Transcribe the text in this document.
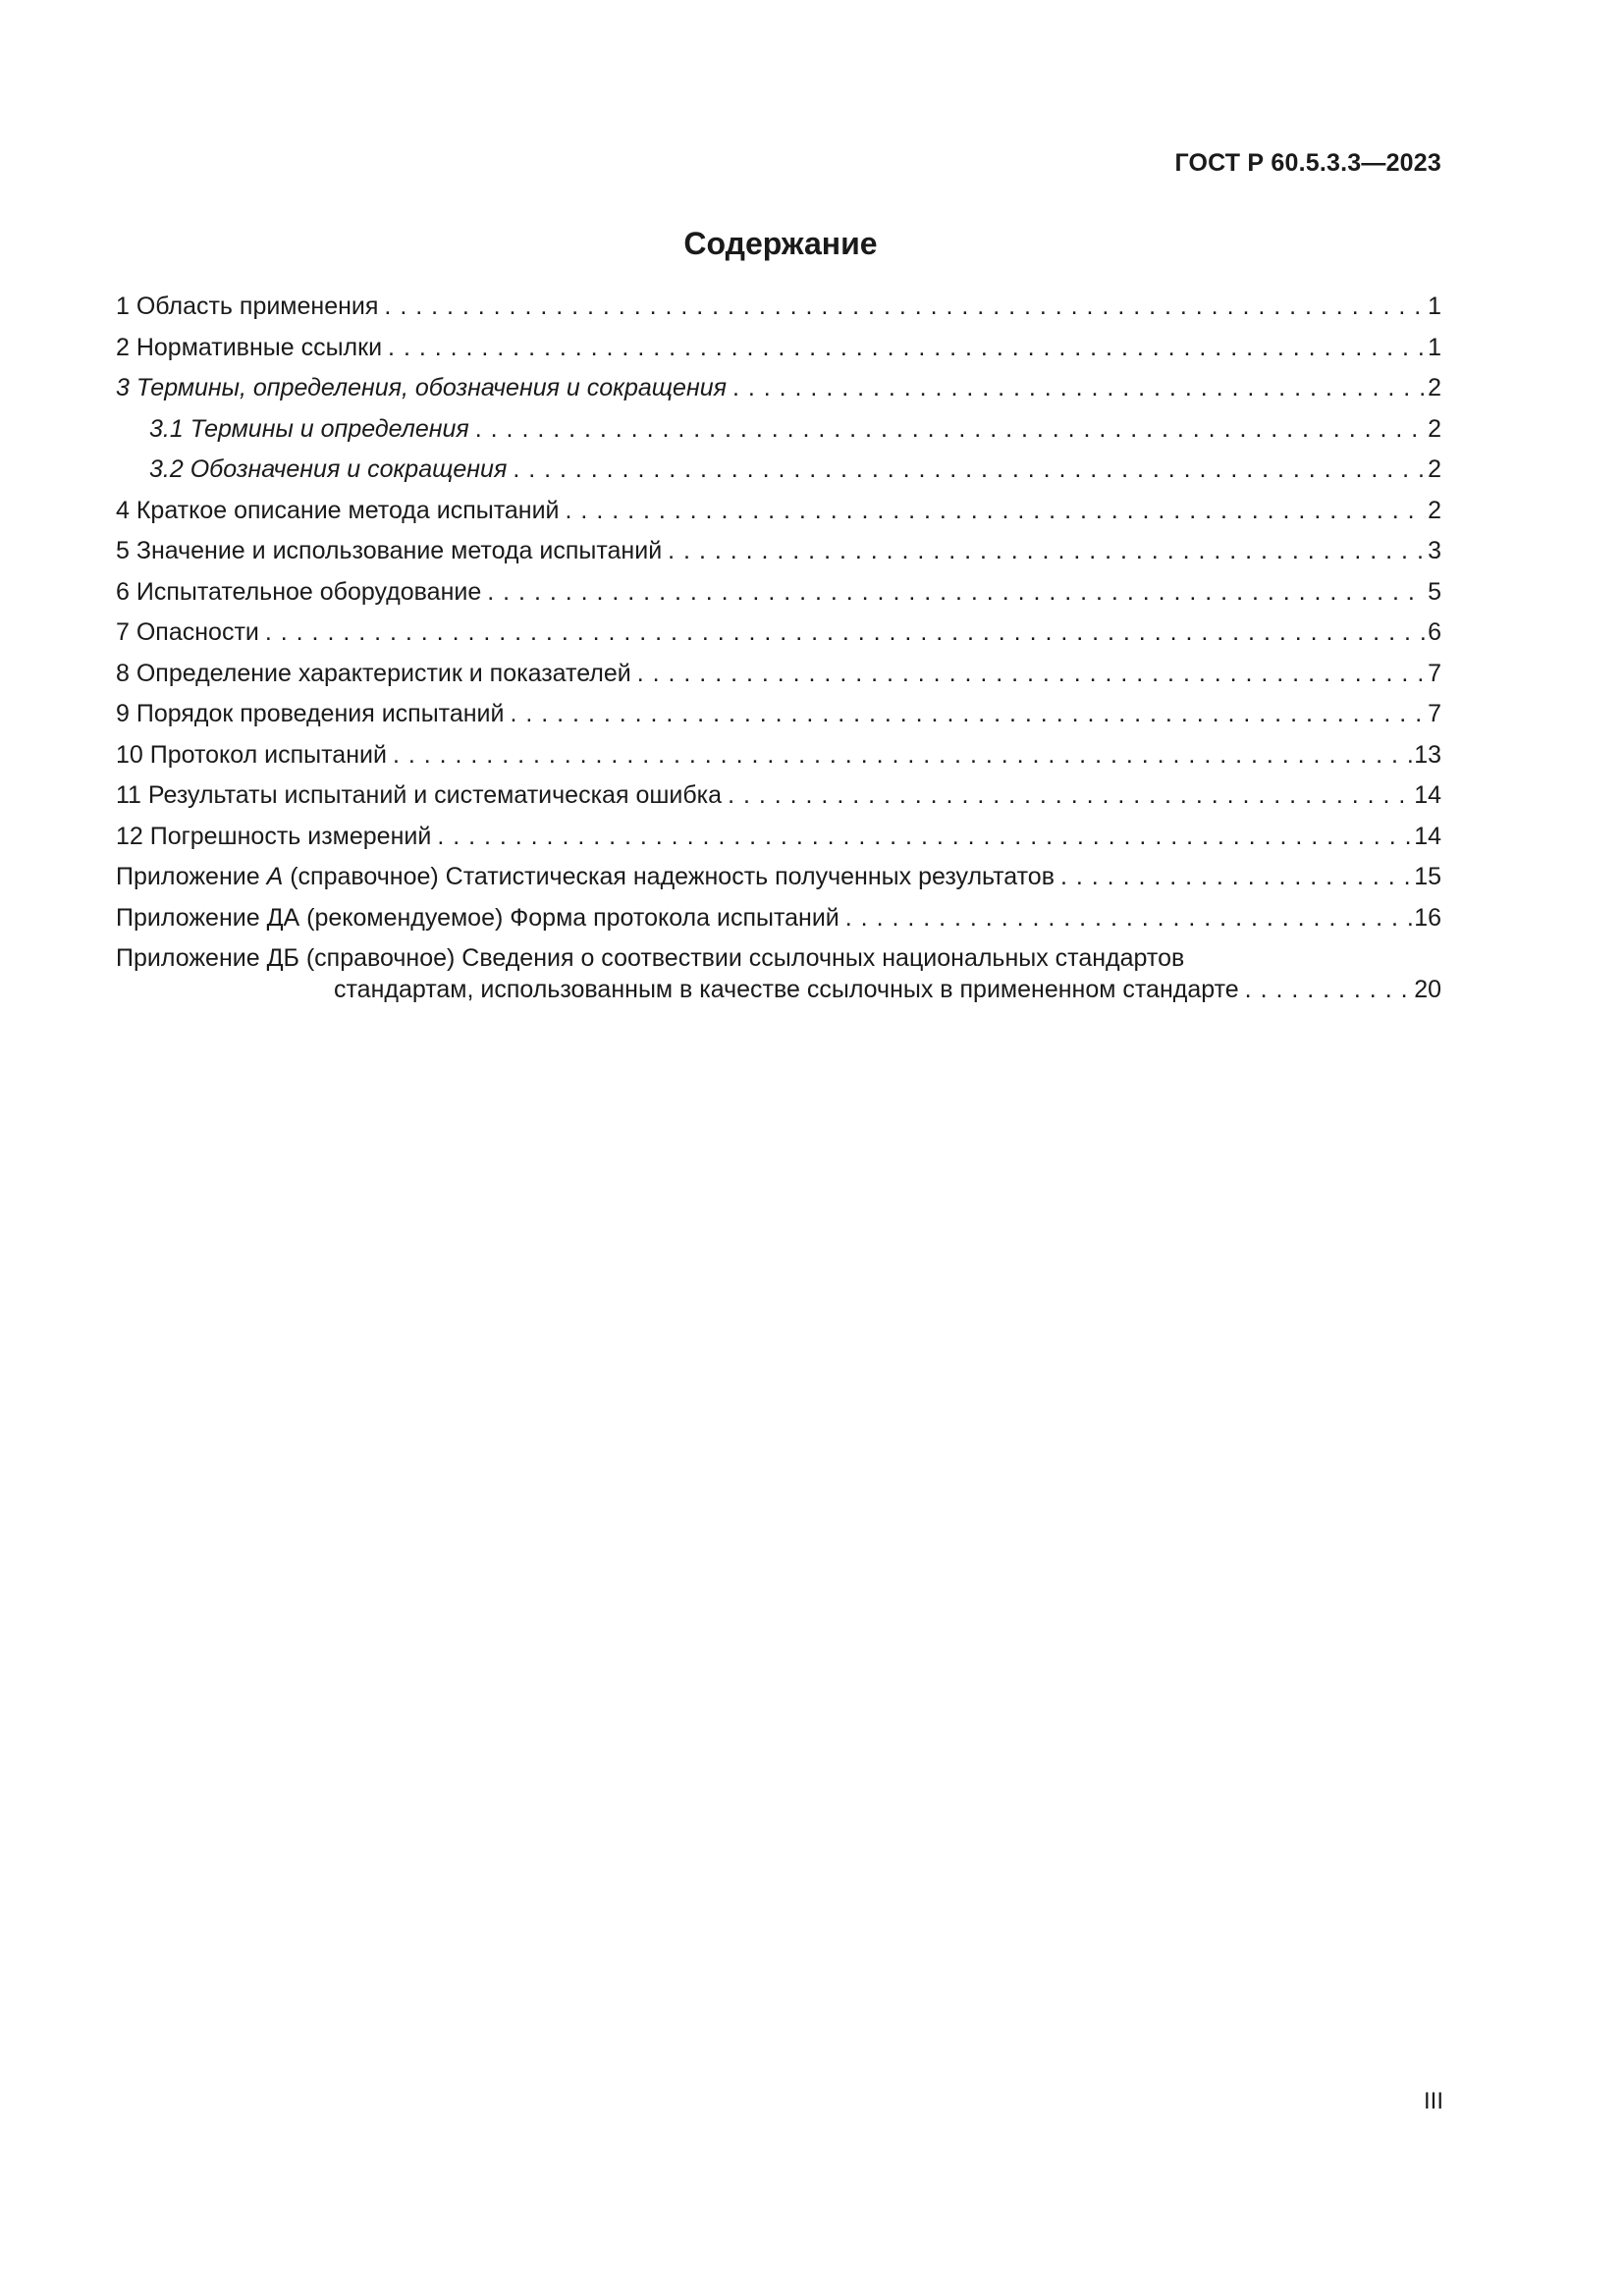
ГОСТ Р 60.5.3.3—2023
Содержание
1 Область применения . . .	1
2 Нормативные ссылки . . .	1
3 Термины, определения, обозначения и сокращения . . .	2
3.1 Термины и определения . . .	2
3.2 Обозначения и сокращения . . .	2
4 Краткое описание метода испытаний . . .	2
5 Значение и использование метода испытаний . . .	3
6 Испытательное оборудование . . .	5
7 Опасности . . .	6
8 Определение характеристик и показателей . . .	7
9 Порядок проведения испытаний . . .	7
10 Протокол испытаний . . .	13
11 Результаты испытаний и систематическая ошибка . . .	14
12 Погрешность измерений . . .	14
Приложение А (справочное) Статистическая надежность полученных результатов . . .	15
Приложение ДА (рекомендуемое) Форма протокола испытаний . . .	16
Приложение ДБ (справочное) Сведения о соотвествии ссылочных национальных стандартов
стандартам, использованным в качестве ссылочных в примененном стандарте . . .	20
III
